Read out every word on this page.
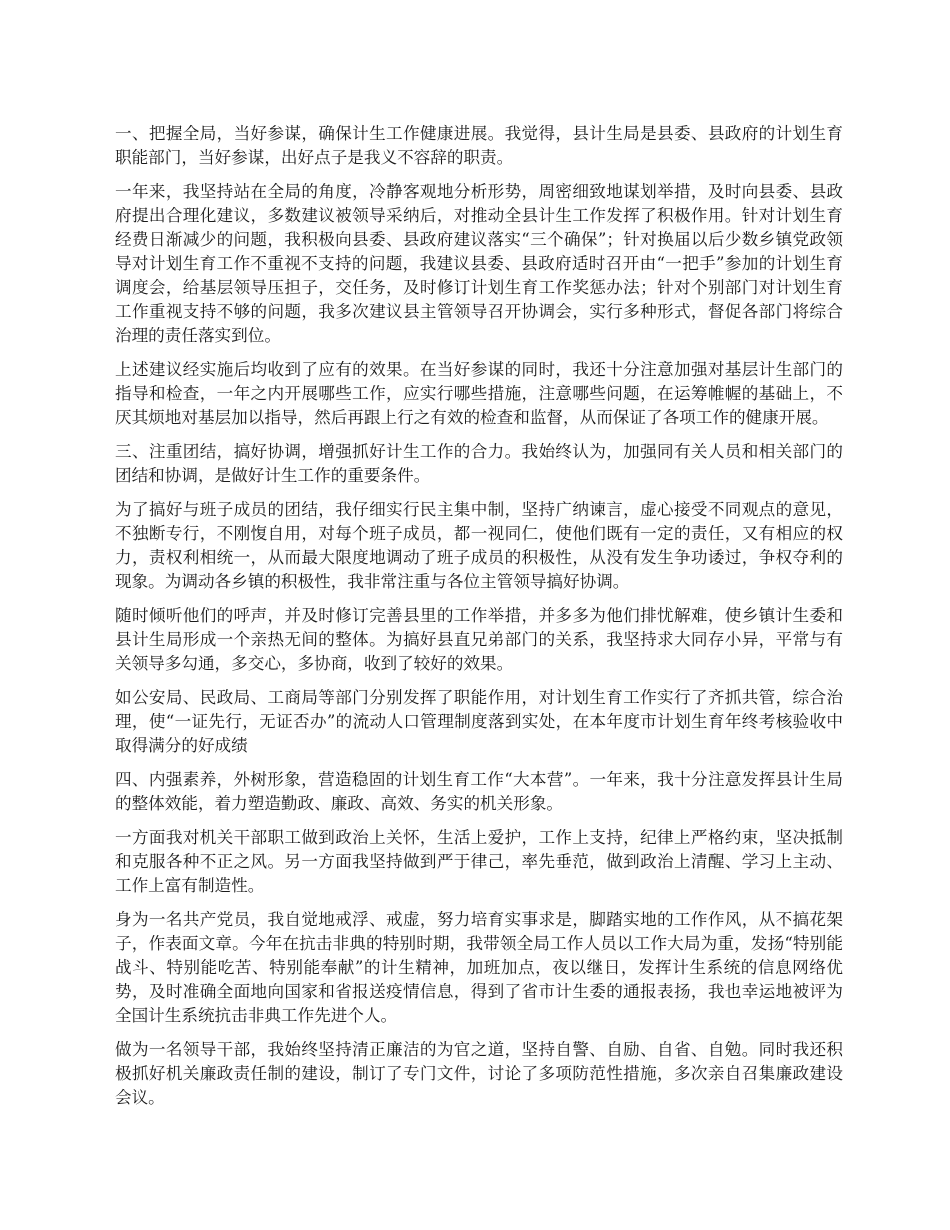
一、把握全局，当好参谋，确保计生工作健康进展。我觉得，县计生局是县委、县政府的计划生育职能部门，当好参谋，出好点子是我义不容辞的职责。

一年来，我坚持站在全局的角度，冷静客观地分析形势，周密细致地谋划举措，及时向县委、县政府提出合理化建议，多数建议被领导采纳后，对推动全县计生工作发挥了积极作用。针对计划生育经费日渐减少的问题，我积极向县委、县政府建议落实“三个确保”；针对换届以后少数乡镇党政领导对计划生育工作不重视不支持的问题，我建议县委、县政府适时召开由“一把手”参加的计划生育调度会，给基层领导压担子，交任务，及时修订计划生育工作奖惩办法；针对个别部门对计划生育工作重视支持不够的问题，我多次建议县主管领导召开协调会，实行多种形式，督促各部门将综合治理的责任落实到位。

上述建议经实施后均收到了应有的效果。在当好参谋的同时，我还十分注意加强对基层计生部门的指导和检查，一年之内开展哪些工作，应实行哪些措施，注意哪些问题，在运筹帷幄的基础上，不厌其烦地对基层加以指导，然后再跟上行之有效的检查和监督，从而保证了各项工作的健康开展。

三、注重团结，搞好协调，增强抓好计生工作的合力。我始终认为，加强同有关人员和相关部门的团结和协调，是做好计生工作的重要条件。

为了搞好与班子成员的团结，我仔细实行民主集中制，坚持广纳谏言，虚心接受不同观点的意见，不独断专行，不刚愎自用，对每个班子成员，都一视同仁，使他们既有一定的责任，又有相应的权力，责权利相统一，从而最大限度地调动了班子成员的积极性，从没有发生争功诿过，争权夺利的现象。为调动各乡镇的积极性，我非常注重与各位主管领导搞好协调。

随时倾听他们的呼声，并及时修订完善县里的工作举措，并多多为他们排忧解难，使乡镇计生委和县计生局形成一个亲热无间的整体。为搞好县直兄弟部门的关系，我坚持求大同存小异，平常与有关领导多勾通，多交心，多协商，收到了较好的效果。

如公安局、民政局、工商局等部门分别发挥了职能作用，对计划生育工作实行了齐抓共管，综合治理，使“一证先行，无证否办”的流动人口管理制度落到实处，在本年度市计划生育年终考核验收中取得满分的好成绩

四、内强素养，外树形象，营造稳固的计划生育工作“大本营”。一年来，我十分注意发挥县计生局的整体效能，着力塑造勤政、廉政、高效、务实的机关形象。

一方面我对机关干部职工做到政治上关怀，生活上爱护，工作上支持，纪律上严格约束，坚决抵制和克服各种不正之风。另一方面我坚持做到严于律己，率先垂范，做到政治上清醒、学习上主动、工作上富有制造性。

身为一名共产党员，我自觉地戒浮、戒虚，努力培育实事求是，脚踏实地的工作作风，从不搞花架子，作表面文章。今年在抗击非典的特别时期，我带领全局工作人员以工作大局为重，发扬“特别能战斗、特别能吃苦、特别能奉献”的计生精神，加班加点，夜以继日，发挥计生系统的信息网络优势，及时准确全面地向国家和省报送疫情信息，得到了省市计生委的通报表扬，我也幸运地被评为全国计生系统抗击非典工作先进个人。

做为一名领导干部，我始终坚持清正廉洁的为官之道，坚持自警、自励、自省、自勉。同时我还积极抓好机关廉政责任制的建设，制订了专门文件，讨论了多项防范性措施，多次亲自召集廉政建设会议。
